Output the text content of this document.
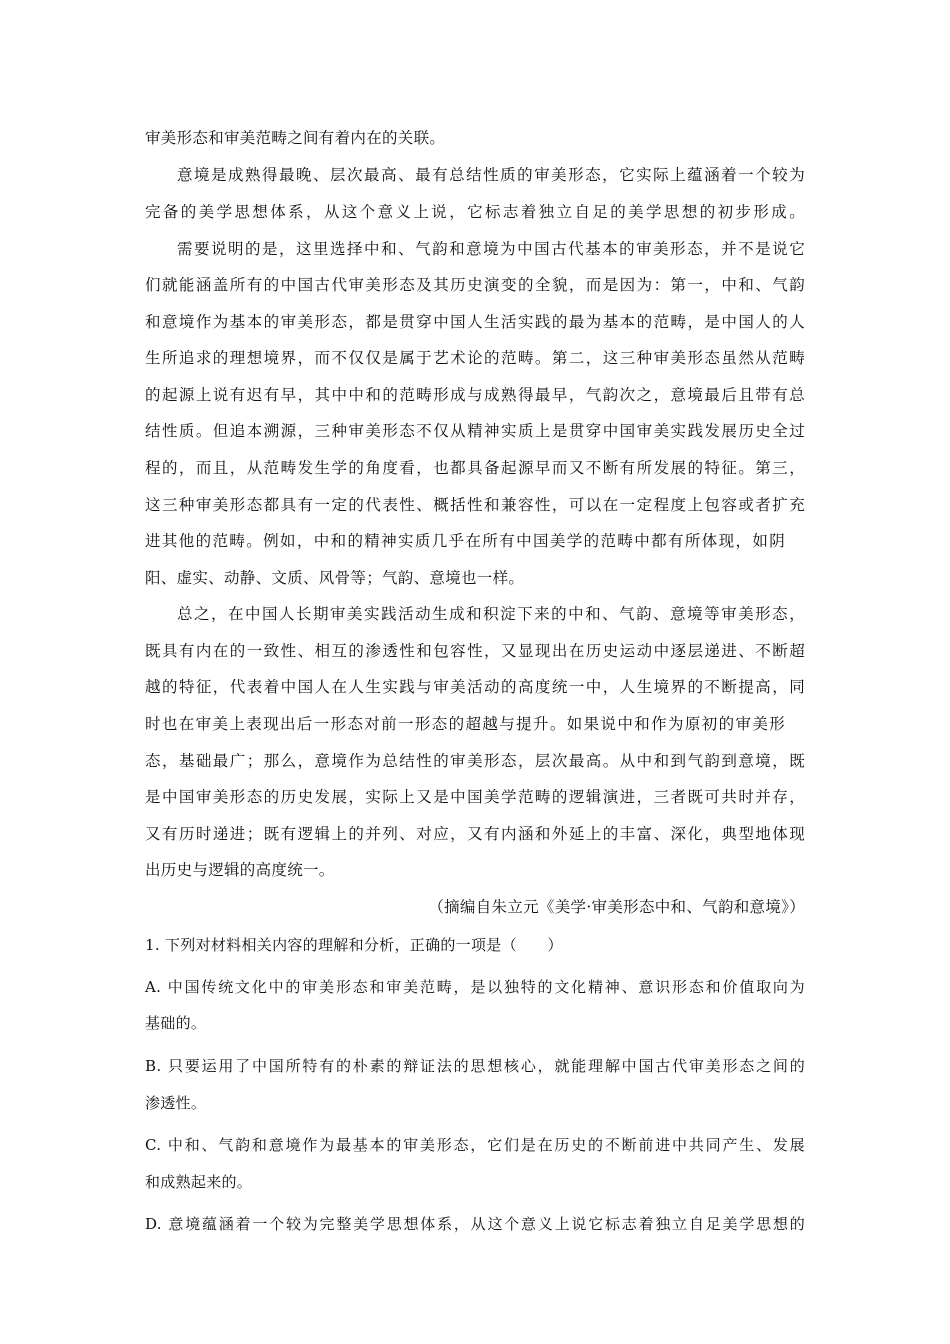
审美形态和审美范畴之间有着内在的关联。
意境是成熟得最晚、层次最高、最有总结性质的审美形态，它实际上蕴涵着一个较为
完备的美学思想体系，从这个意义上说，它标志着独立自足的美学思想的初步形成。
需要说明的是，这里选择中和、气韵和意境为中国古代基本的审美形态，并不是说它
们就能涵盖所有的中国古代审美形态及其历史演变的全貌，而是因为：第一，中和、气韵
和意境作为基本的审美形态，都是贯穿中国人生活实践的最为基本的范畴，是中国人的人
生所追求的理想境界，而不仅仅是属于艺术论的范畴。第二，这三种审美形态虽然从范畴
的起源上说有迟有早，其中中和的范畴形成与成熟得最早，气韵次之，意境最后且带有总
结性质。但追本溯源，三种审美形态不仅从精神实质上是贯穿中国审美实践发展历史全过
程的，而且，从范畴发生学的角度看，也都具备起源早而又不断有所发展的特征。第三，
这三种审美形态都具有一定的代表性、概括性和兼容性，可以在一定程度上包容或者扩充
进其他的范畴。例如，中和的精神实质几乎在所有中国美学的范畴中都有所体现，如阴
阳、虚实、动静、文质、风骨等；气韵、意境也一样。
总之，在中国人长期审美实践活动生成和积淀下来的中和、气韵、意境等审美形态，
既具有内在的一致性、相互的渗透性和包容性，又显现出在历史运动中逐层递进、不断超
越的特征，代表着中国人在人生实践与审美活动的高度统一中，人生境界的不断提高，同
时也在审美上表现出后一形态对前一形态的超越与提升。如果说中和作为原初的审美形
态，基础最广；那么，意境作为总结性的审美形态，层次最高。从中和到气韵到意境，既
是中国审美形态的历史发展，实际上又是中国美学范畴的逻辑演进，三者既可共时并存，
又有历时递进；既有逻辑上的并列、对应，又有内涵和外延上的丰富、深化，典型地体现
出历史与逻辑的高度统一。
（摘编自朱立元《美学·审美形态中和、气韵和意境》）
1. 下列对材料相关内容的理解和分析，正确的一项是（　　）
A. 中国传统文化中的审美形态和审美范畴，是以独特的文化精神、意识形态和价值取向为
基础的。
B. 只要运用了中国所特有的朴素的辩证法的思想核心，就能理解中国古代审美形态之间的
渗透性。
C. 中和、气韵和意境作为最基本的审美形态，它们是在历史的不断前进中共同产生、发展
和成熟起来的。
D. 意境蕴涵着一个较为完整美学思想体系，从这个意义上说它标志着独立自足美学思想的
